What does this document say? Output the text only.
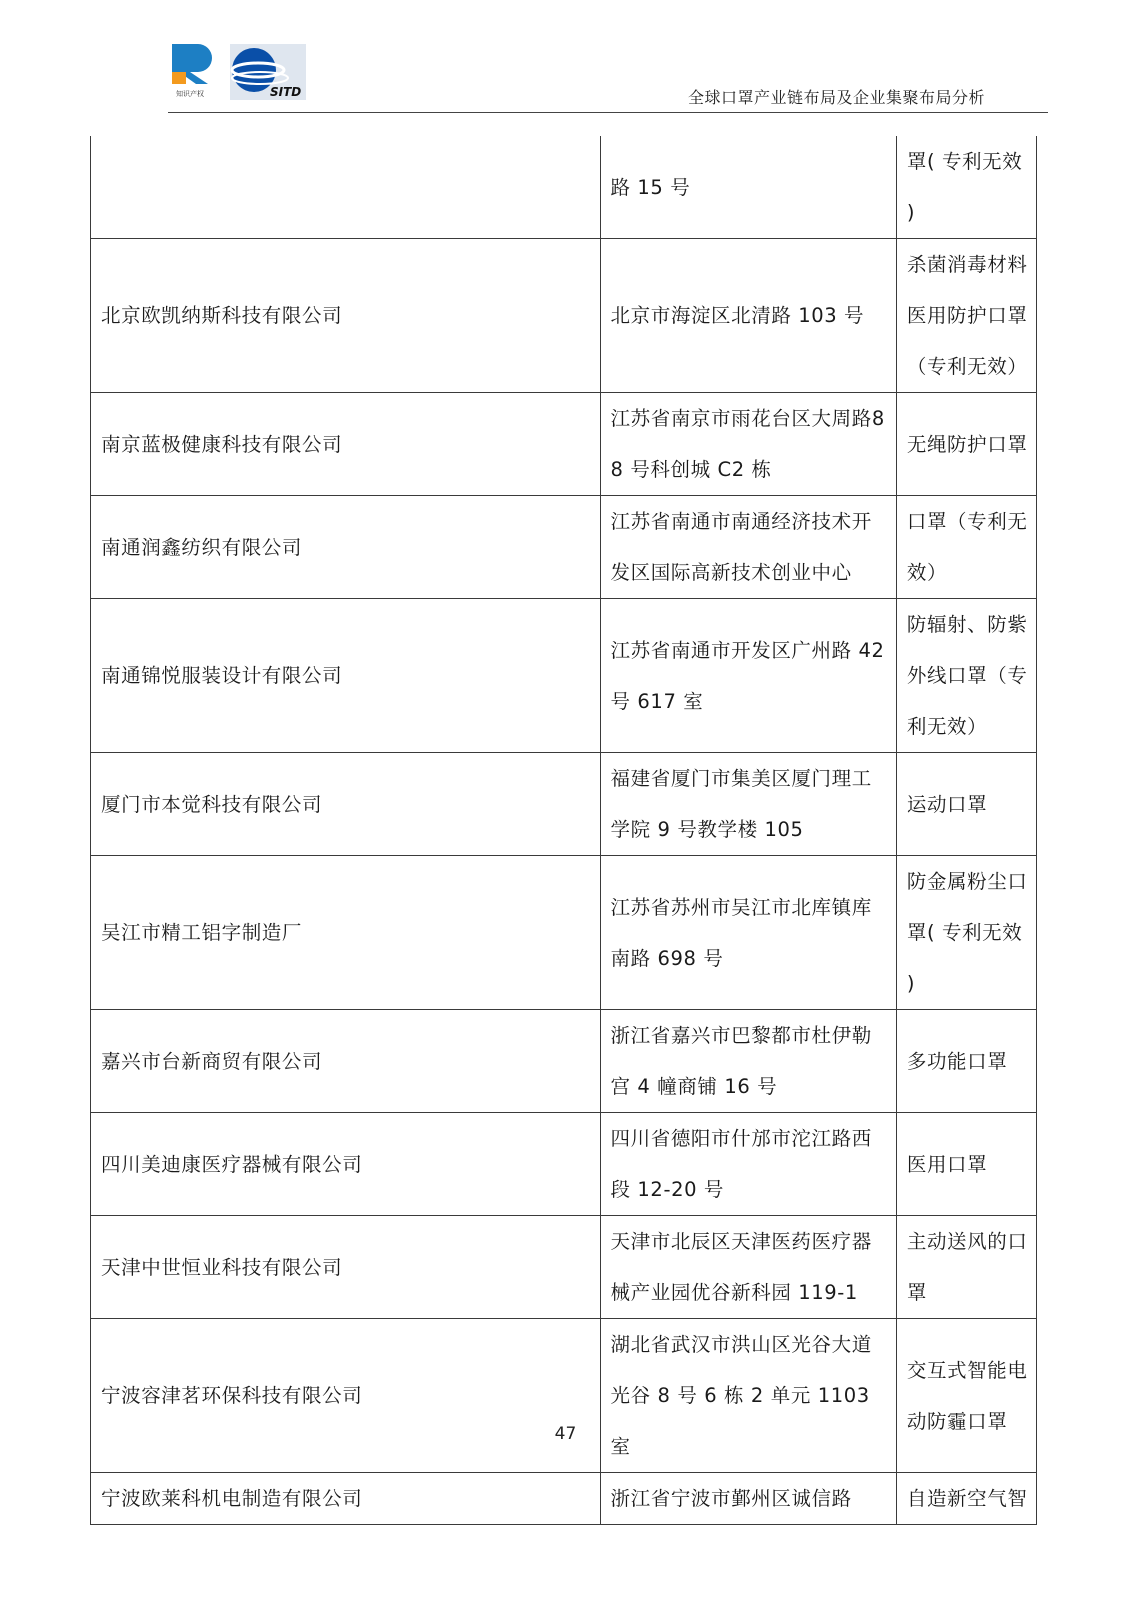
知识产权	SITD	全球口罩产业链布局及企业集聚布局分析
	路 15 号	罩( 专利无效 )
北京欧凯纳斯科技有限公司	北京市海淀区北清路 103 号	杀菌消毒材料医用防护口罩（专利无效）
南京蓝极健康科技有限公司	江苏省南京市雨花台区大周路88 号科创城 C2 栋	无绳防护口罩
南通润鑫纺织有限公司	江苏省南通市南通经济技术开发区国际高新技术创业中心	口罩（专利无效）
南通锦悦服装设计有限公司	江苏省南通市开发区广州路 42 号 617 室	防辐射、防紫外线口罩（专利无效）
厦门市本觉科技有限公司	福建省厦门市集美区厦门理工学院 9 号教学楼 105	运动口罩
吴江市精工铝字制造厂	江苏省苏州市吴江市北库镇库南路 698 号	防金属粉尘口罩( 专利无效 )
嘉兴市台新商贸有限公司	浙江省嘉兴市巴黎都市杜伊勒宫 4 幢商铺 16 号	多功能口罩
四川美迪康医疗器械有限公司	四川省德阳市什邡市沱江路西段 12-20 号	医用口罩
天津中世恒业科技有限公司	天津市北辰区天津医药医疗器械产业园优谷新科园 119-1	主动送风的口罩
宁波容津茗环保科技有限公司	湖北省武汉市洪山区光谷大道光谷 8 号 6 栋 2 单元 1103 室	交互式智能电动防霾口罩
宁波欧莱科机电制造有限公司	浙江省宁波市鄞州区诚信路	自造新空气智
47
